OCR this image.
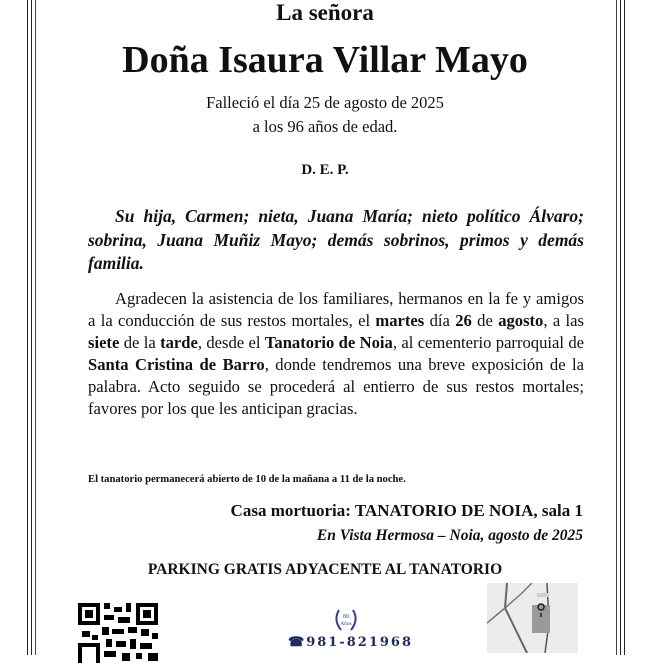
La señora
Doña Isaura Villar Mayo
Falleció el día 25 de agosto de 2025
a los 96 años de edad.
D. E. P.
Su hija, Carmen; nieta, Juana María; nieto político Álvaro; sobrina, Juana Muñiz Mayo; demás sobrinos, primos y demás familia.
Agradecen la asistencia de los familiares, hermanos en la fe y amigos a la conducción de sus restos mortales, el martes día 26 de agosto, a las siete de la tarde, desde el Tanatorio de Noia, al cementerio parroquial de Santa Cristina de Barro, donde tendremos una breve exposición de la palabra. Acto seguido se procederá al entierro de sus restos mortales; favores por los que les anticipan gracias.
El tanatorio permanecerá abierto de 10 de la mañana a 11 de la noche.
Casa mortuoria: TANATORIO DE NOIA, sala 1
En Vista Hermosa – Noia, agosto de 2025
PARKING GRATIS ADYACENTE AL TANATORIO
80
Años
☎981-821968
